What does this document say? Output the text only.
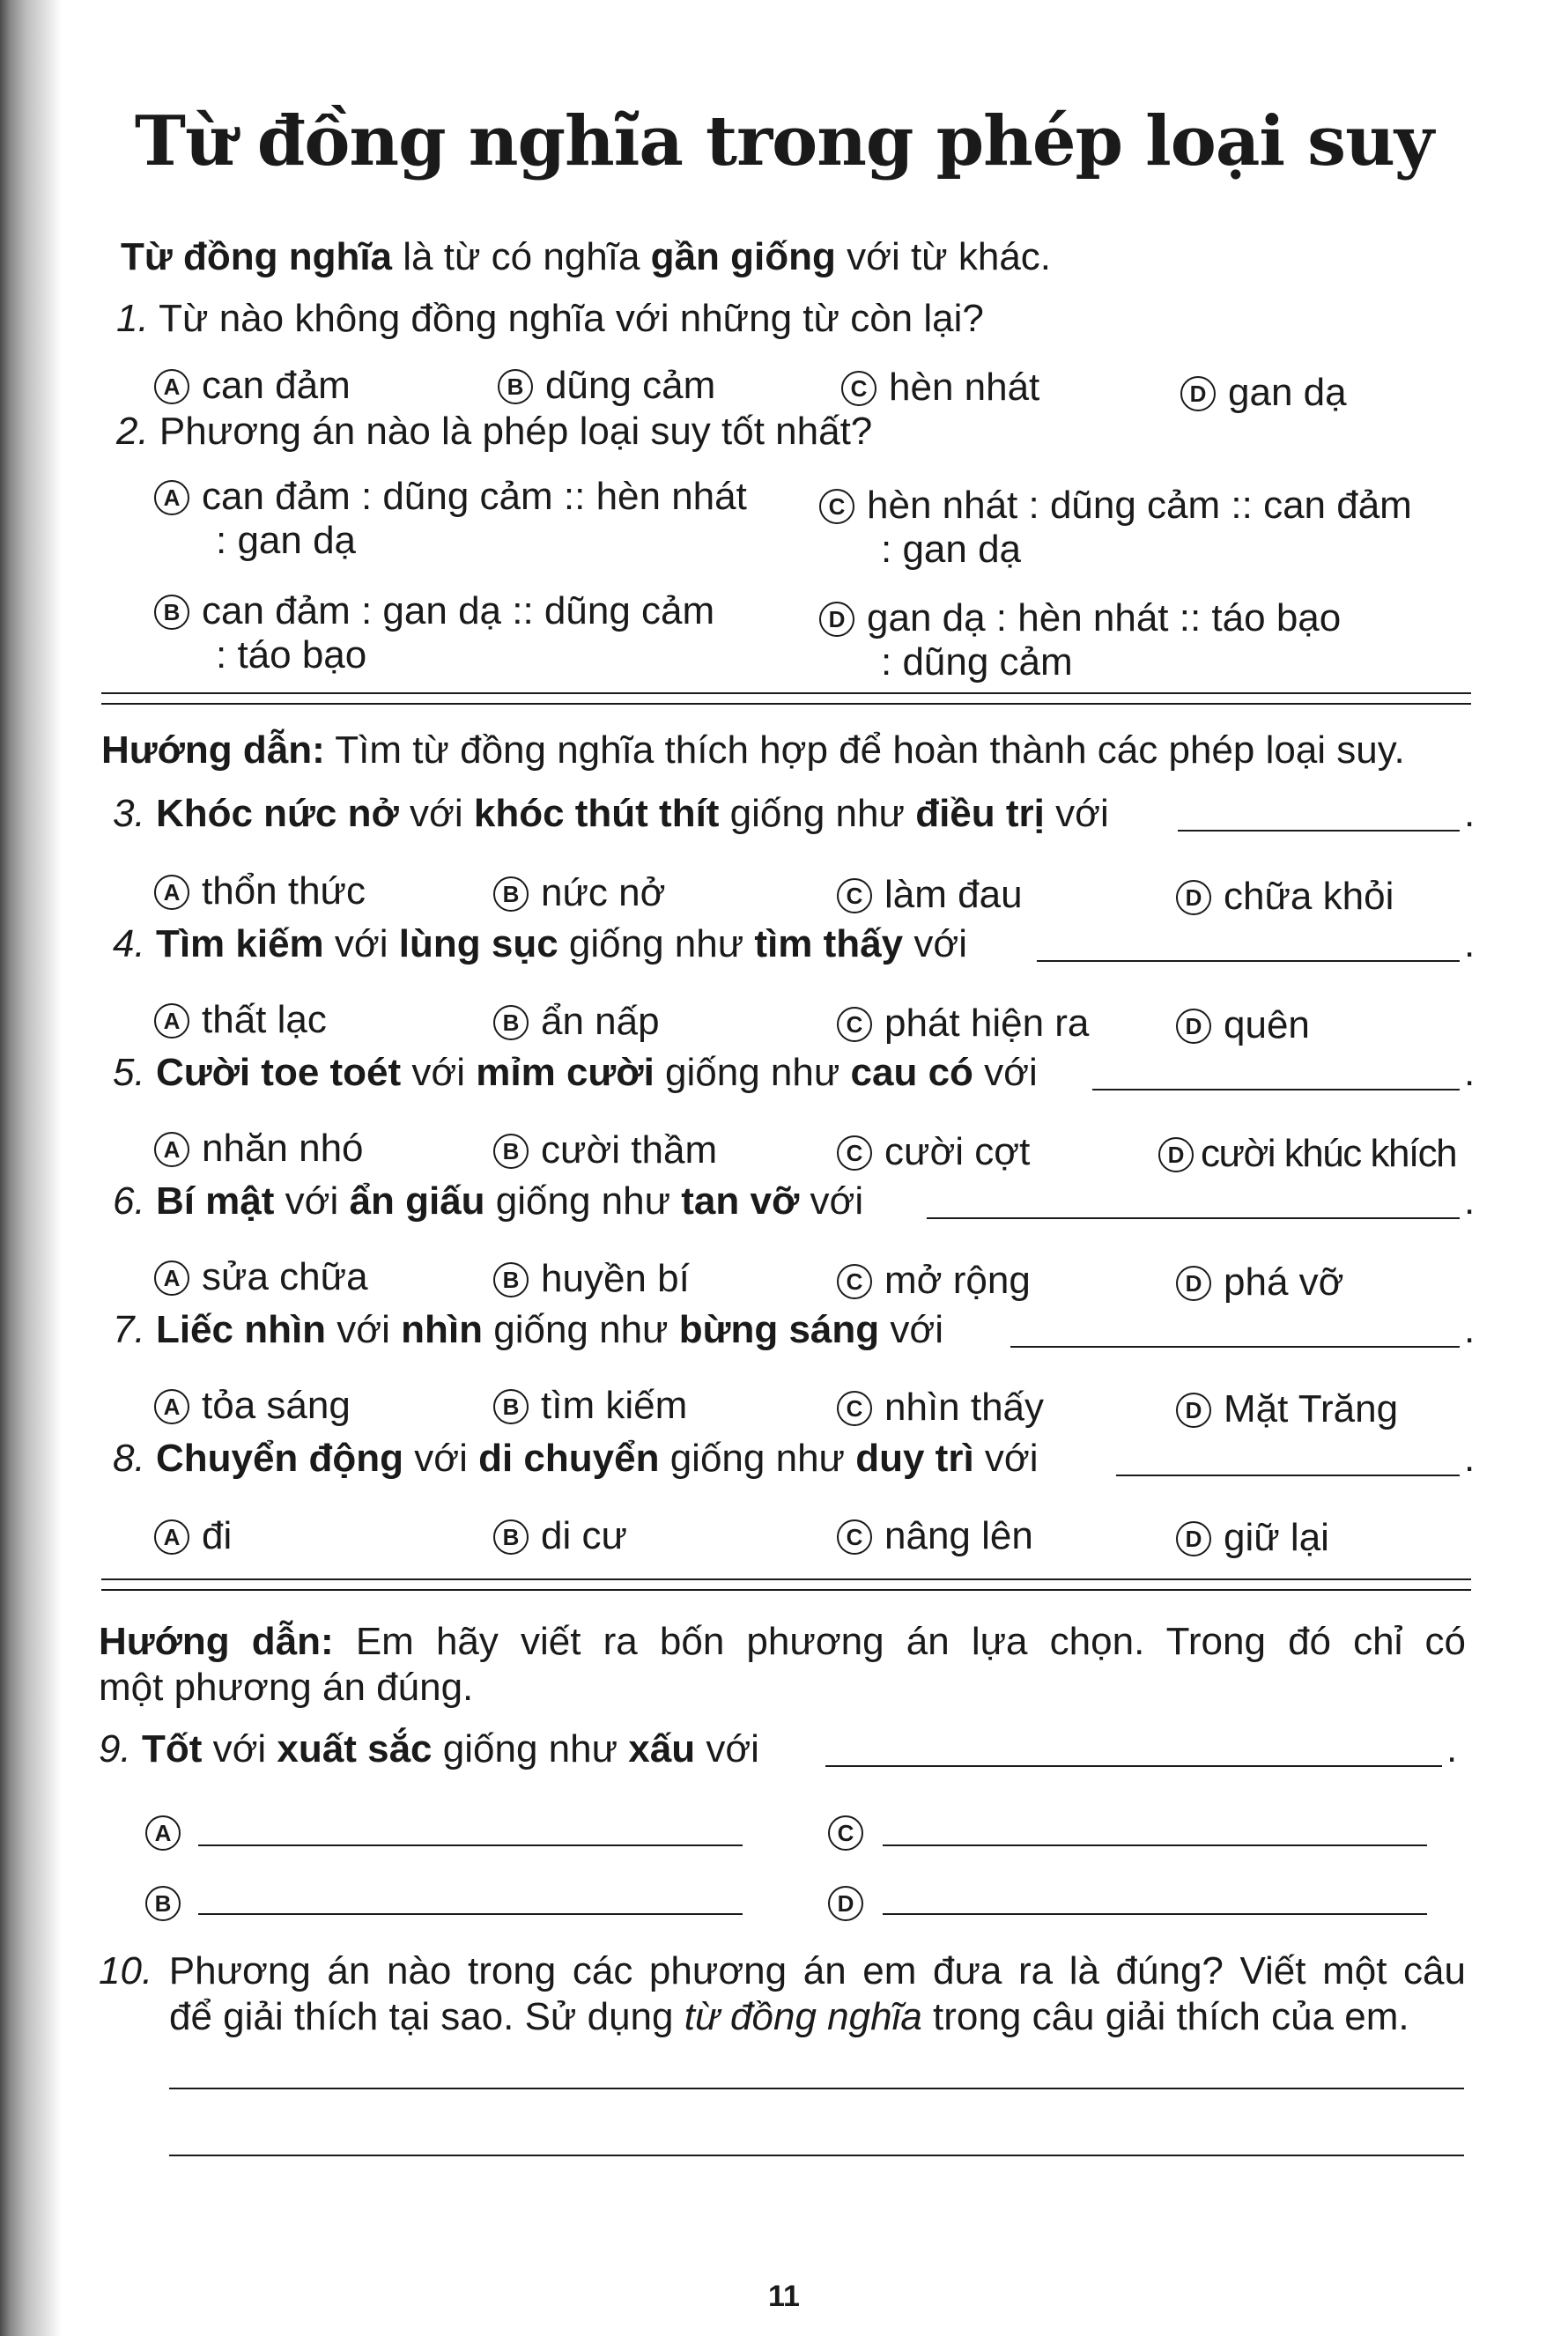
Từ đồng nghĩa trong phép loại suy
Từ đồng nghĩa là từ có nghĩa gần giống với từ khác.
1. Từ nào không đồng nghĩa với những từ còn lại?
A can đảm	B dũng cảm	C hèn nhát	D gan dạ
2. Phương án nào là phép loại suy tốt nhất?
A can đảm : dũng cảm :: hèn nhát
: gan dạ
C hèn nhát : dũng cảm :: can đảm
: gan dạ
B can đảm : gan dạ :: dũng cảm
: táo bạo
D gan dạ : hèn nhát :: táo bạo
: dũng cảm
Hướng dẫn: Tìm từ đồng nghĩa thích hợp để hoàn thành các phép loại suy.
3. Khóc nức nở với khóc thút thít giống như điều trị với	.
A thổn thức	B nức nở	C làm đau	D chữa khỏi
4. Tìm kiếm với lùng sục giống như tìm thấy với	.
A thất lạc	B ẩn nấp	C phát hiện ra	D quên
5. Cười toe toét với mỉm cười giống như cau có với	.
A nhăn nhó	B cười thầm	C cười cợt	D cười khúc khích
6. Bí mật với ẩn giấu giống như tan vỡ với	.
A sửa chữa	B huyền bí	C mở rộng	D phá vỡ
7. Liếc nhìn với nhìn giống như bừng sáng với	.
A tỏa sáng	B tìm kiếm	C nhìn thấy	D Mặt Trăng
8. Chuyển động với di chuyển giống như duy trì với	.
A đi	B di cư	C nâng lên	D giữ lại
Hướng dẫn: Em hãy viết ra bốn phương án lựa chọn. Trong đó chỉ có
một phương án đúng.
9. Tốt với xuất sắc giống như xấu với	.
A	C
B	D
10. Phương án nào trong các phương án em đưa ra là đúng? Viết một câu
để giải thích tại sao. Sử dụng từ đồng nghĩa trong câu giải thích của em.
11
